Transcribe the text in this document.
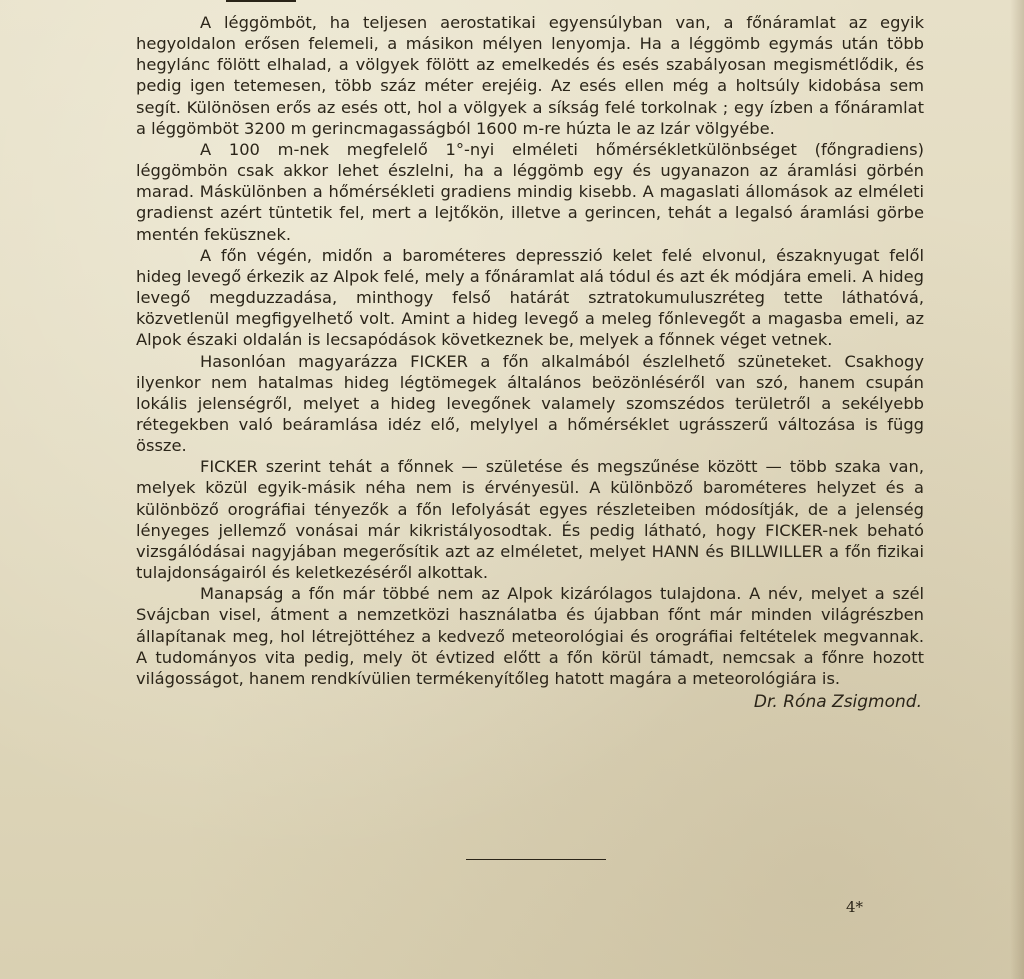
A léggömböt, ha teljesen aerostatikai egyensúlyban van, a főnáramlat az egyik hegyoldalon erősen felemeli, a másikon mélyen lenyomja. Ha a léggömb egymás után több hegylánc fölött elhalad, a völgyek fölött az emelkedés és esés szabályosan megismétlődik, és pedig igen tetemesen, több száz méter erejéig. Az esés ellen még a holtsúly kidobása sem segít. Különösen erős az esés ott, hol a völgyek a síkság felé torkolnak ; egy ízben a főnáramlat a léggömböt 3200 m gerincmagasságból 1600 m-re húzta le az Izár völgyébe.

A 100 m-nek megfelelő 1°-nyi elméleti hőmérsékletkülönbséget (főngradiens) léggömbön csak akkor lehet észlelni, ha a léggömb egy és ugyanazon az áramlási görbén marad. Máskülönben a hőmérsékleti gradiens mindig kisebb. A magaslati állomások az elméleti gradienst azért tüntetik fel, mert a lejtőkön, illetve a gerincen, tehát a legalsó áramlási görbe mentén feküsznek.

A főn végén, midőn a barométeres depresszió kelet felé elvonul, északnyugat felől hideg levegő érkezik az Alpok felé, mely a főnáramlat alá tódul és azt ék módjára emeli. A hideg levegő megduzzadása, minthogy felső határát sztratokumuluszréteg tette láthatóvá, közvetlenül megfigyelhető volt. Amint a hideg levegő a meleg főnlevegőt a magasba emeli, az Alpok északi oldalán is lecsapódások következnek be, melyek a főnnek véget vetnek.

Hasonlóan magyarázza FICKER a főn alkalmából észlelhető szüneteket. Csakhogy ilyenkor nem hatalmas hideg légtömegek általános beözönléséről van szó, hanem csupán lokális jelenségről, melyet a hideg levegőnek valamely szomszédos területről a sekélyebb rétegekben való beáramlása idéz elő, melylyel a hőmérséklet ugrásszerű változása is függ össze.

FICKER szerint tehát a főnnek — születése és megszűnése között — több szaka van, melyek közül egyik-másik néha nem is érvényesül. A különböző barométeres helyzet és a különböző orográfiai tényezők a főn lefolyását egyes részleteiben módosítják, de a jelenség lényeges jellemző vonásai már kikristályosodtak. És pedig látható, hogy FICKER-nek beható vizsgálódásai nagyjában megerősítik azt az elméletet, melyet HANN és BILLWILLER a főn fizikai tulajdonságairól és keletkezéséről alkottak.

Manapság a főn már többé nem az Alpok kizárólagos tulajdona. A név, melyet a szél Svájcban visel, átment a nemzetközi használatba és újabban főnt már minden világrészben állapítanak meg, hol létrejöttéhez a kedvező meteorológiai és orográfiai feltételek megvannak. A tudományos vita pedig, mely öt évtized előtt a főn körül támadt, nemcsak a főnre hozott világosságot, hanem rendkívülien termékenyítőleg hatott magára a meteorológiára is.

Dr. Róna Zsigmond.

4*
